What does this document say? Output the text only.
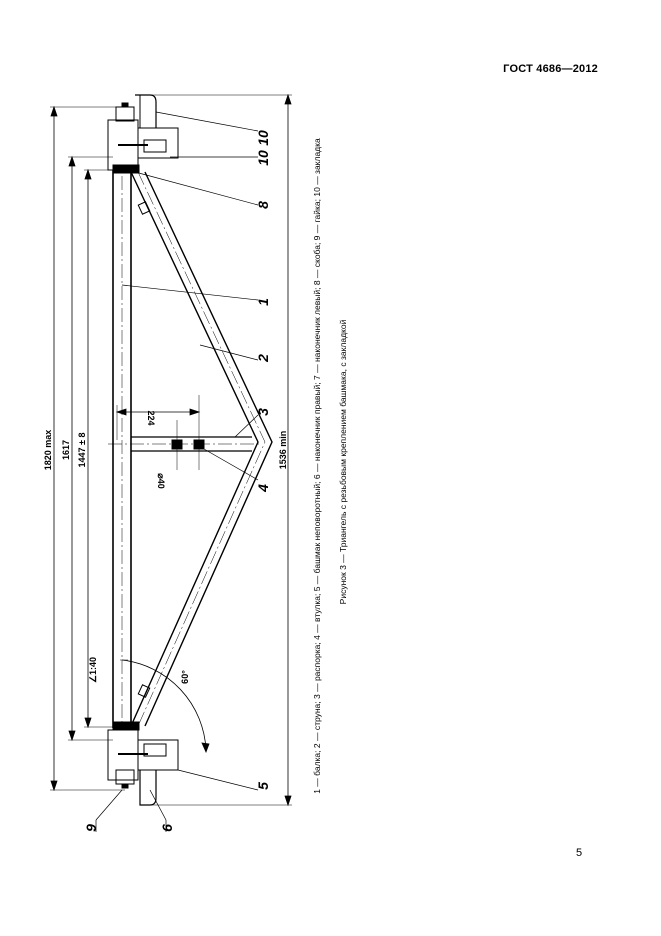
ГОСТ 4686—2012
10
10
8
1
2
3
4
5
6
9
1820 max 1617 1447 ± 8	1536 min
224
⌀40
∠1:40	60°	1 — балка; 2 — струна; 3 — распорка; 4 — втулка; 5 — башмак неповоротный; 6 — наконечник правый; 7 — наконечник левый; 8 — скоба; 9 — гайка; 10 — закладка Рисунок 3 — Триангель с резьбовым креплением башмака, с закладкой
5
